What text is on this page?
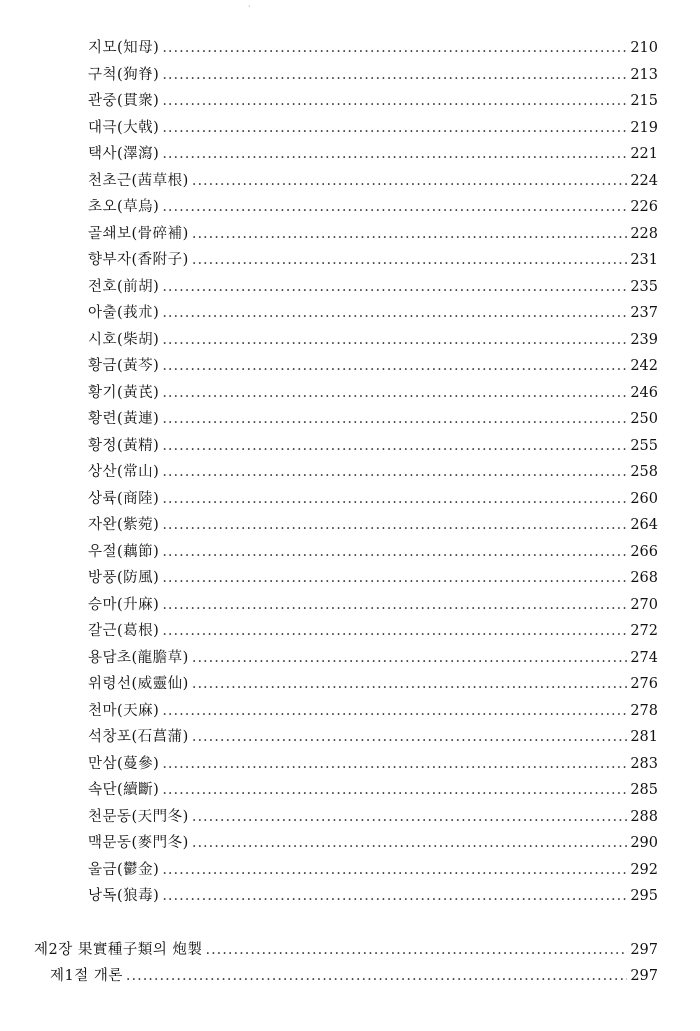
·
지모(知母) .....	210
구척(狗脊) .....	213
관중(貫衆) .....	215
대극(大戟) .....	219
택사(澤瀉) .....	221
천초근(茜草根) .....	224
초오(草烏) .....	226
골쇄보(骨碎補) .....	228
향부자(香附子) .....	231
전호(前胡) .....	235
아출(莪朮) .....	237
시호(柴胡) .....	239
황금(黃芩) .....	242
황기(黃芪) .....	246
황련(黃連) .....	250
황정(黃精) .....	255
상산(常山) .....	258
상륙(商陸) .....	260
자완(紫菀) .....	264
우절(藕節) .....	266
방풍(防風) .....	268
승마(升麻) .....	270
갈근(葛根) .....	272
용담초(龍膽草) .....	274
위령선(威靈仙) .....	276
천마(天麻) .....	278
석창포(石菖蒲) .....	281
만삼(蔓參) .....	283
속단(續斷) .....	285
천문동(天門冬) .....	288
맥문동(麥門冬) .....	290
울금(鬱金) .....	292
낭독(狼毒) .....	295
제2장 果實種子類의 炮製 .....	297
제1절 개론 .....	297
